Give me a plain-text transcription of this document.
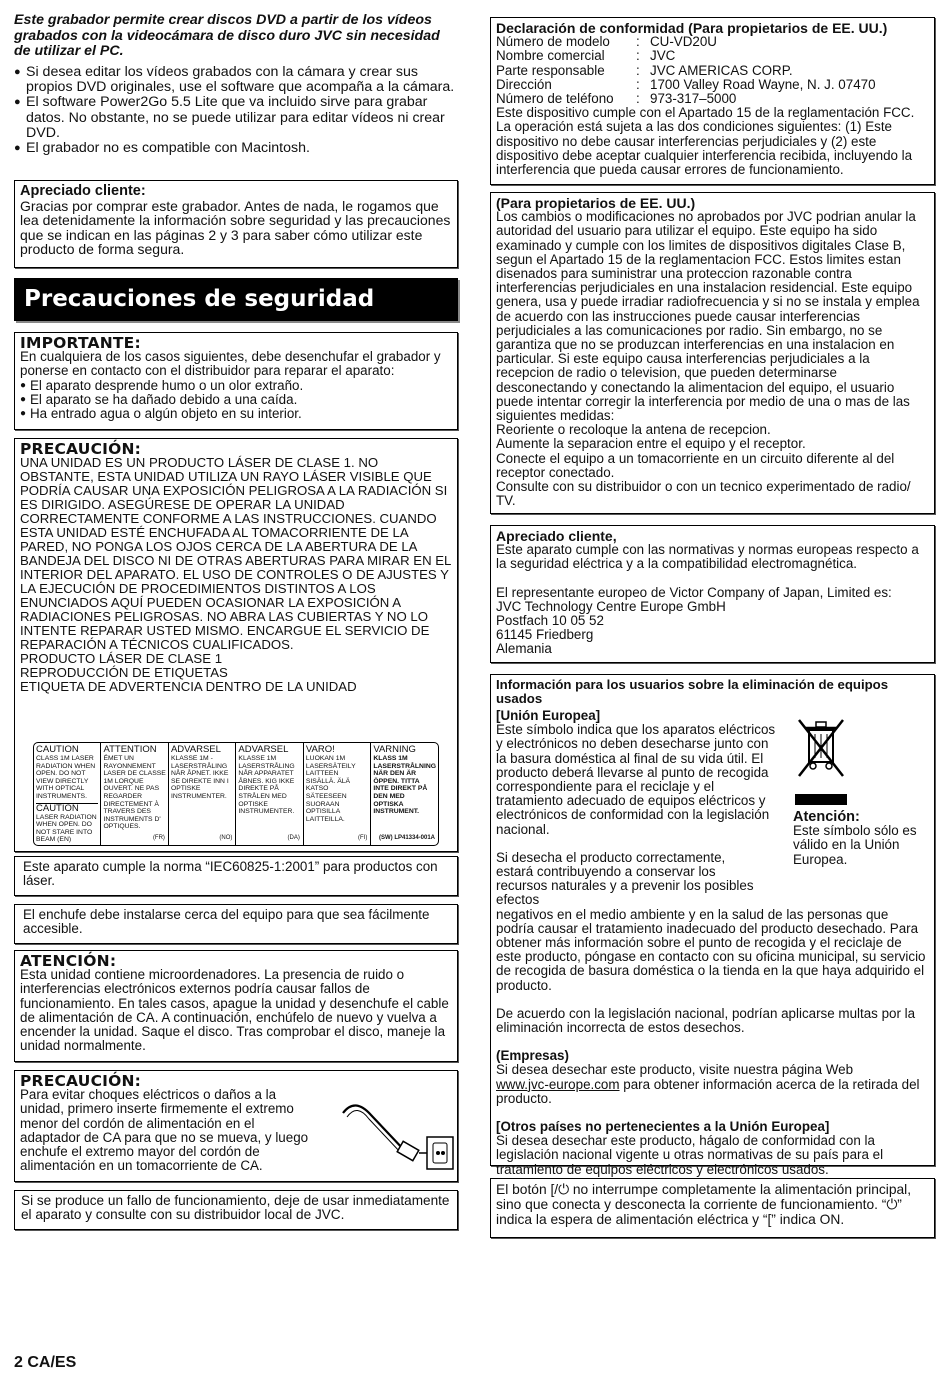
Este grabador permite crear discos DVD a partir de los vídeos grabados con la videocámara de disco duro JVC sin necesidad de utilizar el PC.
● Si desea editar los vídeos grabados con la cámara y crear sus propios DVD originales, use el software que acompaña a la cámara.
● El software Power2Go 5.5 Lite que va incluido sirve para grabar datos. No obstante, no se puede utilizar para editar vídeos ni crear DVD.
● El grabador no es compatible con Macintosh.
Apreciado cliente:

Gracias por comprar este grabador. Antes de nada, le rogamos que lea detenidamente la información sobre seguridad y las precauciones que se indican en las páginas 2 y 3 para saber cómo utilizar este producto de forma segura.

Precauciones de seguridad
IMPORTANTE:

En cualquiera de los casos siguientes, debe desenchufar el grabador y ponerse en contacto con el distribuidor para reparar el aparato:

● El aparato desprende humo o un olor extraño.
● El aparato se ha dañado debido a una caída.
● Ha entrado agua o algún objeto en su interior.
PRECAUCIÓN:

UNA UNIDAD ES UN PRODUCTO LÁSER DE CLASE 1. NO OBSTANTE, ESTA UNIDAD UTILIZA UN RAYO LÁSER VISIBLE QUE PODRÍA CAUSAR UNA EXPOSICIÓN PELIGROSA A LA RADIACIÓN SI ES DIRIGIDO. ASEGÚRESE DE OPERAR LA UNIDAD CORRECTAMENTE CONFORME A LAS INSTRUCCIONES. CUANDO ESTA UNIDAD ESTÉ ENCHUFADA AL TOMACORRIENTE DE LA PARED, NO PONGA LOS OJOS CERCA DE LA ABERTURA DE LA BANDEJA DEL DISCO NI DE OTRAS ABERTURAS PARA MIRAR EN EL INTERIOR DEL APARATO. EL USO DE CONTROLES O DE AJUSTES Y LA EJECUCIÓN DE PROCEDIMIENTOS DISTINTOS A LOS ENUNCIADOS AQUÍ PUEDEN OCASIONAR LA EXPOSICIÓN A RADIACIONES PELIGROSAS. NO ABRA LAS CUBIERTAS Y NO LO INTENTE REPARAR USTED MISMO. ENCARGUE EL SERVICIO DE REPARACIÓN A TÉCNICOS CUALIFICADOS.

PRODUCTO LÁSER DE CLASE 1

REPRODUCCIÓN DE ETIQUETAS

ETIQUETA DE ADVERTENCIA DENTRO DE LA UNIDAD

CAUTION
CLASS 1M LASER RADIATION WHEN OPEN. DO NOT VIEW DIRECTLY WITH OPTICAL INSTRUMENTS.
CAUTION
LASER RADIATION WHEN OPEN. DO NOT STARE INTO BEAM (EN)
ATTENTION
ÉMET UN RAYONNEMENT LASER DE CLASSE 1M LORQUE OUVERT. NE PAS REGARDER DIRECTEMENT À TRAVERS DES INSTRUMENTS D' OPTIQUES.
(FR)
ADVARSEL
KLASSE 1M - LASERSTRÅLING NÅR ÅPNET. IKKE SE DIREKTE INN I OPTISKE INSTRUMENTER.
(NO)
ADVARSEL
KLASSE 1M LASERSTRÅLING NÅR APPARATET ÅBNES. KIG IKKE DIREKTE PÅ STRÅLEN MED OPTISKE INSTRUMENTER.
(DA)
VARO!
LUOKAN 1M LASERSÄTEILY LAITTEEN SISÄLLÄ. ÄLÄ KATSO SÄTEESEEN SUORAAN OPTISILLA LAITTEILLA.
(FI)
VARNING
KLASS 1M LASERSTRÅLNING NÄR DEN ÄR ÖPPEN. TITTA INTE DIREKT PÅ DEN MED OPTISKA INSTRUMENT.
(SW) LP41334-001A

Este aparato cumple la norma “IEC60825-1:2001” para productos con láser.

El enchufe debe instalarse cerca del equipo para que sea fácilmente accesible.

ATENCIÓN:

Esta unidad contiene microordenadores. La presencia de ruido o interferencias electrónicos externos podría causar fallos de funcionamiento. En tales casos, apague la unidad y desenchufe el cable de alimentación de CA. A continuación, enchúfelo de nuevo y vuelva a encender la unidad. Saque el disco. Tras comprobar el disco, maneje la unidad normalmente.

PRECAUCIÓN:

Para evitar choques eléctricos o daños a la unidad, primero inserte firmemente el extremo menor del cordón de alimentación en el adaptador de CA para que no se mueva, y luego enchufe el extremo mayor del cordón de alimentación en un tomacorriente de CA.

Si se produce un fallo de funcionamiento, deje de usar inmediatamente el aparato y consulte con su distribuidor local de JVC.

2 CA/ES
Declaración de conformidad (Para propietarios de EE. UU.)
Número de modelo	:	CU-VD20U
Nombre comercial	:	JVC
Parte responsable	:	JVC AMERICAS CORP.
Dirección	:	1700 Valley Road Wayne, N. J. 07470
Número de teléfono	:	973-317–5000

Este dispositivo cumple con el Apartado 15 de la reglamentación FCC. La operación está sujeta a las dos condiciones siguientes: (1) Este dispositivo no debe causar interferencias perjudiciales y (2) este dispositivo debe aceptar cualquier interferencia recibida, incluyendo la interferencia que pueda causar errores de funcionamiento.

(Para propietarios de EE. UU.)

Los cambios o modificaciones no aprobados por JVC podrian anular la autoridad del usuario para utilizar el equipo. Este equipo ha sido examinado y cumple con los limites de dispositivos digitales Clase B, segun el Apartado 15 de la reglamentacion FCC. Estos limites estan disenados para suministrar una proteccion razonable contra interferencias perjudiciales en una instalacion residencial. Este equipo genera, usa y puede irradiar radiofrecuencia y si no se instala y emplea de acuerdo con las instrucciones puede causar interferencias perjudiciales a las comunicaciones por radio. Sin embargo, no se garantiza que no se produzcan interferencias en una instalacion en particular. Si este equipo causa interferencias perjudiciales a la recepcion de radio o television, que pueden determinarse desconectando y conectando la alimentacion del equipo, el usuario puede intentar corregir la interferencia por medio de una o mas de las siguientes medidas:

Reoriente o recoloque la antena de recepcion.

Aumente la separacion entre el equipo y el receptor.

Conecte el equipo a un tomacorriente en un circuito diferente al del receptor conectado.

Consulte con su distribuidor o con un tecnico experimentado de radio/ TV.

Apreciado cliente,

Este aparato cumple con las normativas y normas europeas respecto a la seguridad eléctrica y a la compatibilidad electromagnética.

El representante europeo de Victor Company of Japan, Limited es:

JVC Technology Centre Europe GmbH

Postfach 10 05 52

61145 Friedberg

Alemania

Información para los usuarios sobre la eliminación de equipos usados

[Unión Europea]

Este símbolo indica que los aparatos eléctricos y electrónicos no deben desecharse junto con la basura doméstica al final de su vida útil. El producto deberá llevarse al punto de recogida correspondiente para el reciclaje y el tratamiento adecuado de equipos eléctricos y electrónicos de conformidad con la legislación nacional.

Si desecha el producto correctamente, estará contribuyendo a conservar los recursos naturales y a prevenir los posibles efectos

negativos en el medio ambiente y en la salud de las personas que podría causar el tratamiento inadecuado del producto desechado. Para obtener más información sobre el punto de recogida y el reciclaje de este producto, póngase en contacto con su oficina municipal, su servicio de recogida de basura doméstica o la tienda en la que haya adquirido el producto.

De acuerdo con la legislación nacional, podrían aplicarse multas por la eliminación incorrecta de estos desechos.

(Empresas)

Si desea desechar este producto, visite nuestra página Web
www.jvc-europe.com para obtener información acerca de la retirada del producto.

[Otros países no pertenecientes a la Unión Europea]

Si desea desechar este producto, hágalo de conformidad con la legislación nacional vigente u otras normativas de su país para el tratamiento de equipos eléctricos y electrónicos usados.

Atención:
Este símbolo sólo es válido en la Unión Europea.

El botón [/⏻ no interrumpe completamente la alimentación principal, sino que conecta y desconecta la corriente de funcionamiento. “⏻” indica la espera de alimentación eléctrica y “[” indica ON.
